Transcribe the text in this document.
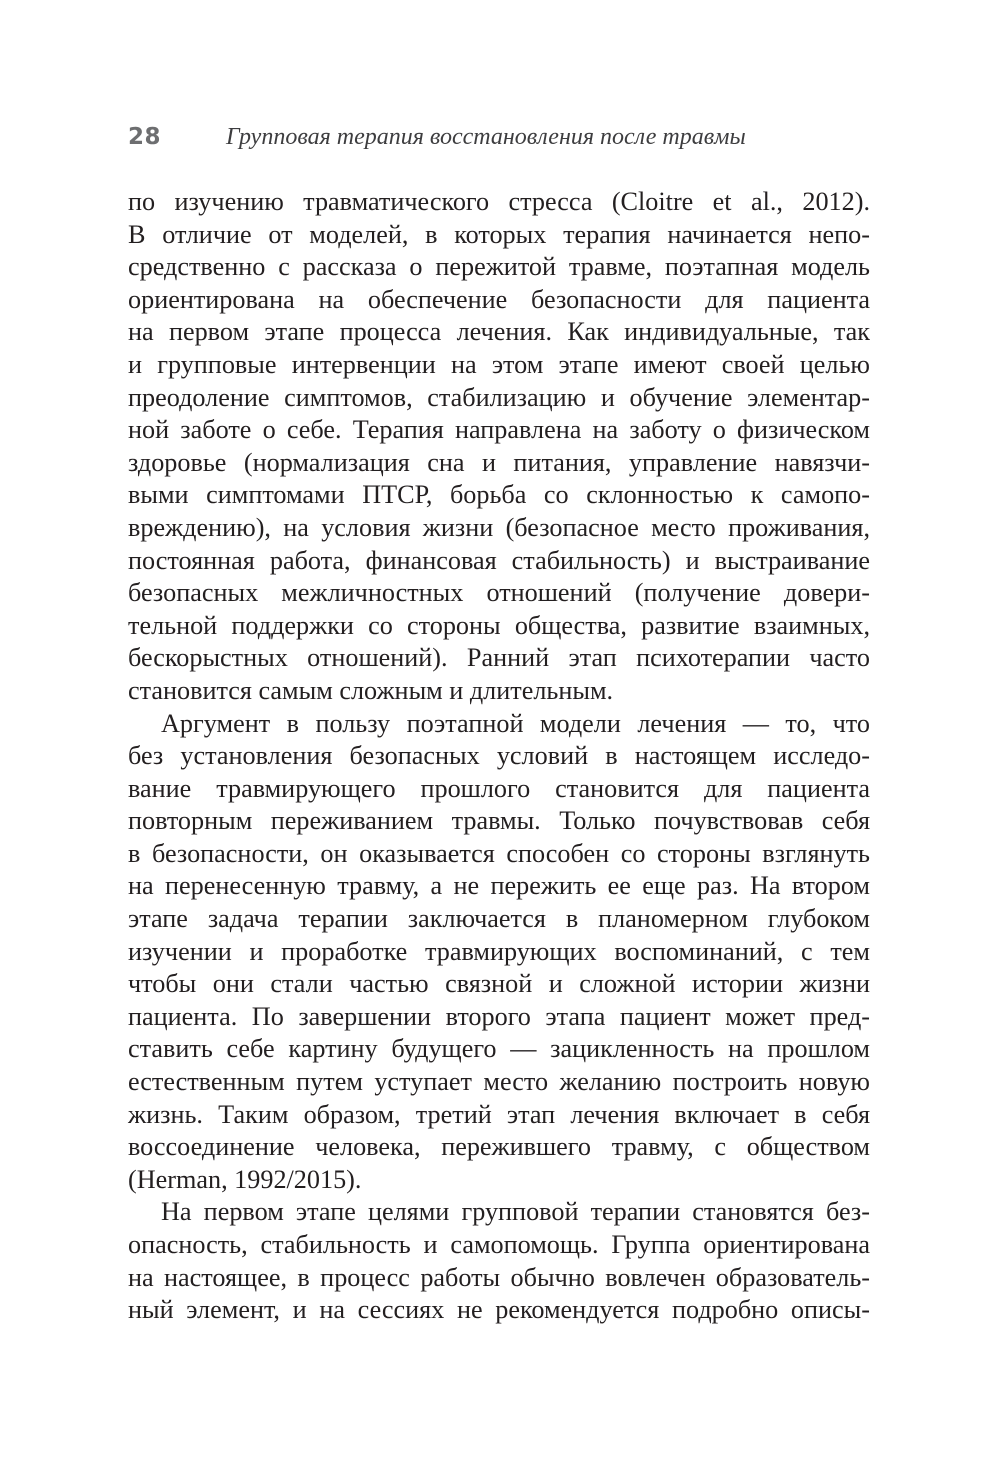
28	Групповая терапия восстановления после травмы
по изучению травматического стресса (Cloitre et al., 2012).
В отличие от моделей, в которых терапия начинается непо-
средственно с рассказа о пережитой травме, поэтапная модель
ориентирована на обеспечение безопасности для пациента
на первом этапе процесса лечения. Как индивидуальные, так
и групповые интервенции на этом этапе имеют своей целью
преодоление симптомов, стабилизацию и обучение элементар-
ной заботе о себе. Терапия направлена на заботу о физическом
здоровье (нормализация сна и питания, управление навязчи-
выми симптомами ПТСР, борьба со склонностью к самопо-
вреждению), на условия жизни (безопасное место проживания,
постоянная работа, финансовая стабильность) и выстраивание
безопасных межличностных отношений (получение довери-
тельной поддержки со стороны общества, развитие взаимных,
бескорыстных отношений). Ранний этап психотерапии часто
становится самым сложным и длительным.
Аргумент в пользу поэтапной модели лечения — то, что
без установления безопасных условий в настоящем исследо-
вание травмирующего прошлого становится для пациента
повторным переживанием травмы. Только почувствовав себя
в безопасности, он оказывается способен со стороны взглянуть
на перенесенную травму, а не пережить ее еще раз. На втором
этапе задача терапии заключается в планомерном глубоком
изучении и проработке травмирующих воспоминаний, с тем
чтобы они стали частью связной и сложной истории жизни
пациента. По завершении второго этапа пациент может пред-
ставить себе картину будущего — зацикленность на прошлом
естественным путем уступает место желанию построить новую
жизнь. Таким образом, третий этап лечения включает в себя
воссоединение человека, пережившего травму, с обществом
(Herman, 1992/2015).
На первом этапе целями групповой терапии становятся без-
опасность, стабильность и самопомощь. Группа ориентирована
на настоящее, в процесс работы обычно вовлечен образователь-
ный элемент, и на сессиях не рекомендуется подробно описы-
